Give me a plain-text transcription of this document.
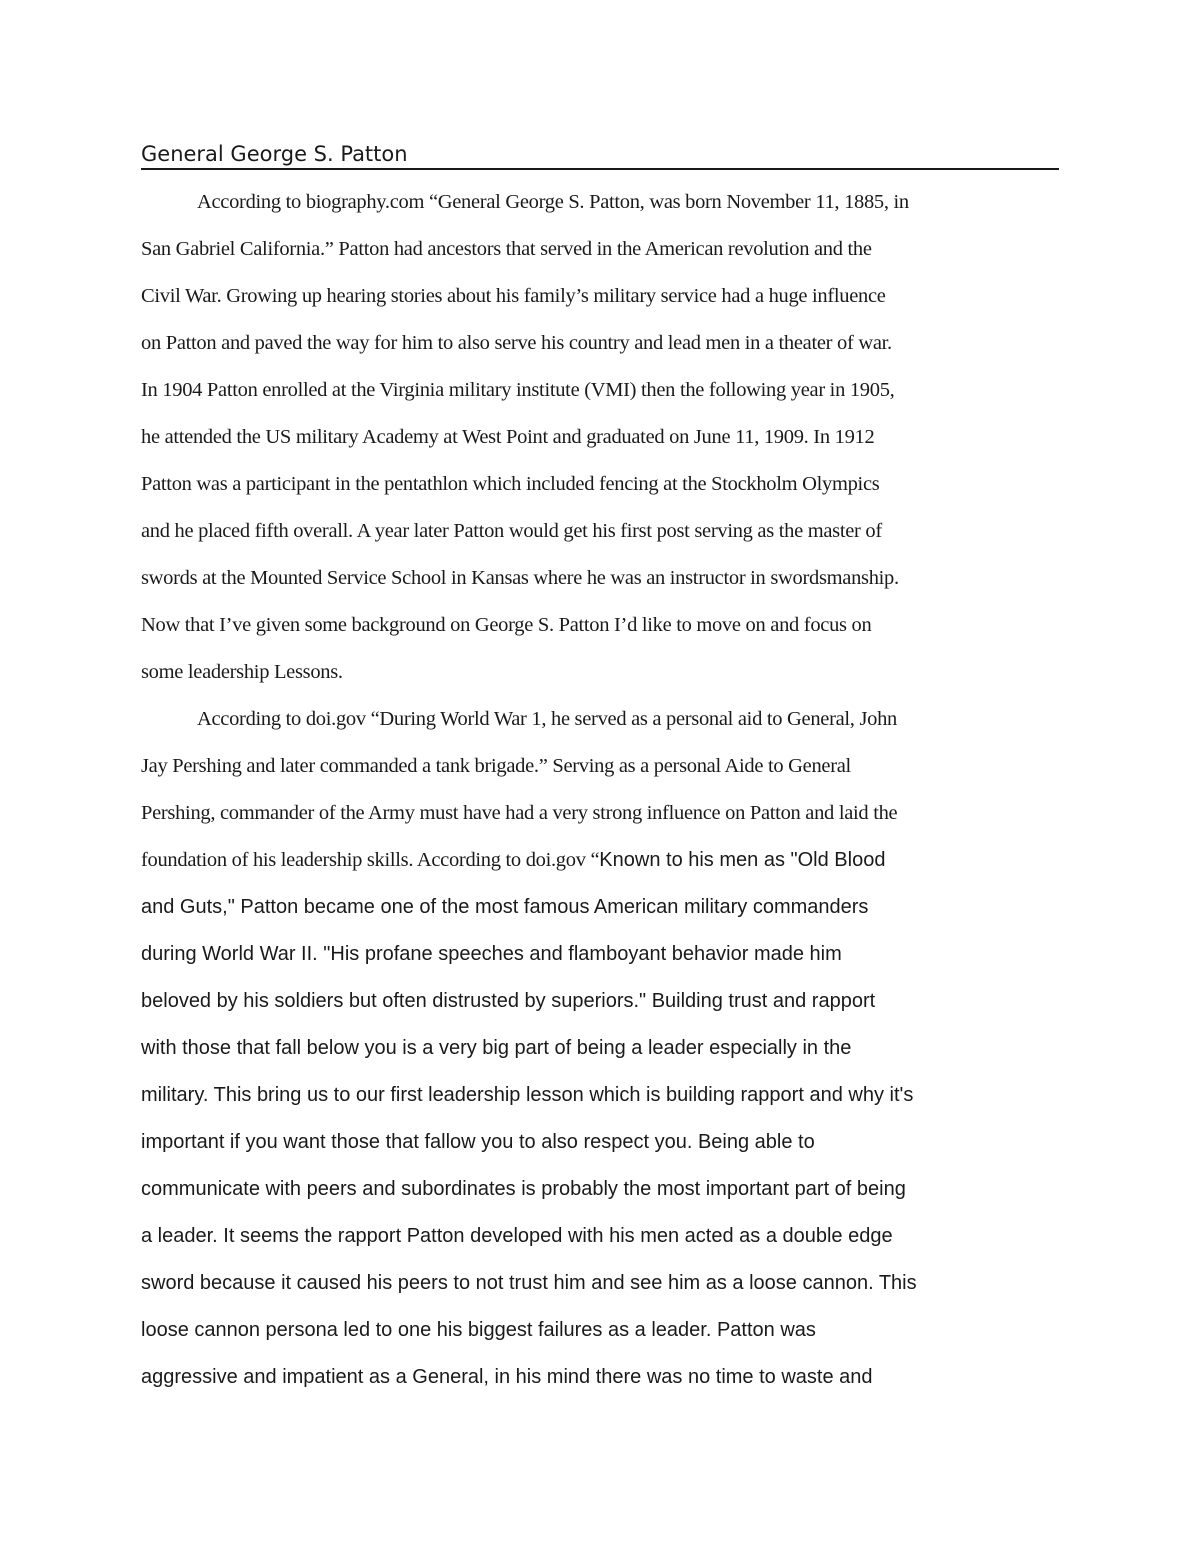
General George S. Patton
According to biography.com “General George S. Patton, was born November 11, 1885, in
San Gabriel California.” Patton had ancestors that served in the American revolution and the
Civil War. Growing up hearing stories about his family’s military service had a huge influence
on Patton and paved the way for him to also serve his country and lead men in a theater of war.
In 1904 Patton enrolled at the Virginia military institute (VMI) then the following year in 1905,
he attended the US military Academy at West Point and graduated on June 11, 1909. In 1912
Patton was a participant in the pentathlon which included fencing at the Stockholm Olympics
and he placed fifth overall. A year later Patton would get his first post serving as the master of
swords at the Mounted Service School in Kansas where he was an instructor in swordsmanship.
Now that I’ve given some background on George S. Patton I’d like to move on and focus on
some leadership Lessons.
According to doi.gov “During World War 1, he served as a personal aid to General, John
Jay Pershing and later commanded a tank brigade.” Serving as a personal Aide to General
Pershing, commander of the Army must have had a very strong influence on Patton and laid the
foundation of his leadership skills. According to doi.gov “Known to his men as "Old Blood
and Guts," Patton became one of the most famous American military commanders
during World War II. "His profane speeches and flamboyant behavior made him
beloved by his soldiers but often distrusted by superiors." Building trust and rapport
with those that fall below you is a very big part of being a leader especially in the
military. This bring us to our first leadership lesson which is building rapport and why it's
important if you want those that fallow you to also respect you. Being able to
communicate with peers and subordinates is probably the most important part of being
a leader. It seems the rapport Patton developed with his men acted as a double edge
sword because it caused his peers to not trust him and see him as a loose cannon. This
loose cannon persona led to one his biggest failures as a leader. Patton was
aggressive and impatient as a General, in his mind there was no time to waste and
